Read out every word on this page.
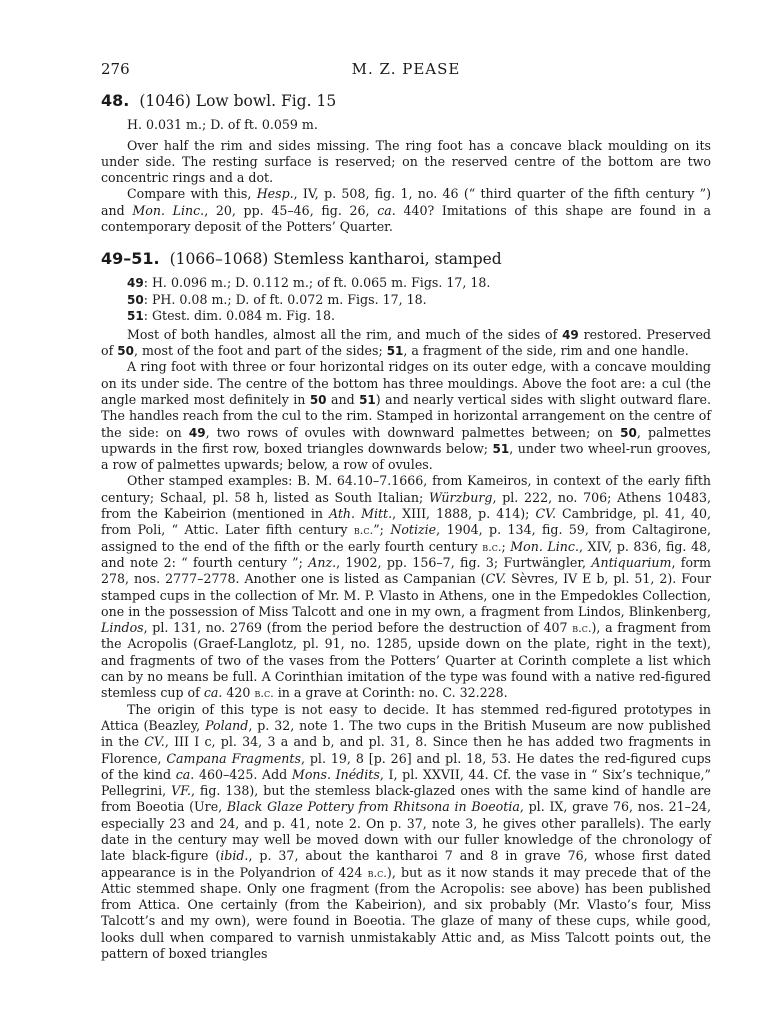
276	M. Z. PEASE
48. (1046) Low bowl. Fig. 15

H. 0.031 m.; D. of ft. 0.059 m.

Over half the rim and sides missing. The ring foot has a concave black moulding on its under side. The resting surface is reserved; on the reserved centre of the bottom are two concentric rings and a dot.

Compare with this, Hesp., IV, p. 508, fig. 1, no. 46 (“ third quarter of the fifth century ”) and Mon. Linc., 20, pp. 45–46, fig. 26, ca. 440? Imitations of this shape are found in a contemporary deposit of the Potters’ Quarter.

49–51. (1066–1068) Stemless kantharoi, stamped

49: H. 0.096 m.; D. 0.112 m.; of ft. 0.065 m. Figs. 17, 18.

50: PH. 0.08 m.; D. of ft. 0.072 m. Figs. 17, 18.

51: Gtest. dim. 0.084 m. Fig. 18.

Most of both handles, almost all the rim, and much of the sides of 49 restored. Preserved of 50, most of the foot and part of the sides; 51, a fragment of the side, rim and one handle.

A ring foot with three or four horizontal ridges on its outer edge, with a concave moulding on its under side. The centre of the bottom has three mouldings. Above the foot are: a cul (the angle marked most definitely in 50 and 51) and nearly vertical sides with slight outward flare. The handles reach from the cul to the rim. Stamped in horizontal arrangement on the centre of the side: on 49, two rows of ovules with downward palmettes between; on 50, palmettes upwards in the first row, boxed triangles downwards below; 51, under two wheel-run grooves, a row of palmettes upwards; below, a row of ovules.

Other stamped examples: B. M. 64.10–7.1666, from Kameiros, in context of the early fifth century; Schaal, pl. 58 h, listed as South Italian; Würzburg, pl. 222, no. 706; Athens 10483, from the Kabeirion (mentioned in Ath. Mitt., XIII, 1888, p. 414); CV. Cambridge, pl. 41, 40, from Poli, “ Attic. Later fifth century b.c.”; Notizie, 1904, p. 134, fig. 59, from Caltagirone, assigned to the end of the fifth or the early fourth century b.c.; Mon. Linc., XIV, p. 836, fig. 48, and note 2: “ fourth century ”; Anz., 1902, pp. 156–7, fig. 3; Furtwängler, Antiquarium, form 278, nos. 2777–2778. Another one is listed as Campanian (CV. Sèvres, IV E b, pl. 51, 2). Four stamped cups in the collection of Mr. M. P. Vlasto in Athens, one in the Empedokles Collection, one in the possession of Miss Talcott and one in my own, a fragment from Lindos, Blinkenberg, Lindos, pl. 131, no. 2769 (from the period before the destruction of 407 b.c.), a fragment from the Acropolis (Graef-Langlotz, pl. 91, no. 1285, upside down on the plate, right in the text), and fragments of two of the vases from the Potters’ Quarter at Corinth complete a list which can by no means be full. A Corinthian imitation of the type was found with a native red-figured stemless cup of ca. 420 b.c. in a grave at Corinth: no. C. 32.228.

The origin of this type is not easy to decide. It has stemmed red-figured prototypes in Attica (Beazley, Poland, p. 32, note 1. The two cups in the British Museum are now published in the CV., III I c, pl. 34, 3 a and b, and pl. 31, 8. Since then he has added two fragments in Florence, Campana Fragments, pl. 19, 8 [p. 26] and pl. 18, 53. He dates the red-figured cups of the kind ca. 460–425. Add Mons. Inédits, I, pl. XXVII, 44. Cf. the vase in “ Six’s technique,” Pellegrini, VF., fig. 138), but the stemless black-glazed ones with the same kind of handle are from Boeotia (Ure, Black Glaze Pottery from Rhitsona in Boeotia, pl. IX, grave 76, nos. 21–24, especially 23 and 24, and p. 41, note 2. On p. 37, note 3, he gives other parallels). The early date in the century may well be moved down with our fuller knowledge of the chronology of late black-figure (ibid., p. 37, about the kantharoi 7 and 8 in grave 76, whose first dated appearance is in the Polyandrion of 424 b.c.), but as it now stands it may precede that of the Attic stemmed shape. Only one fragment (from the Acropolis: see above) has been published from Attica. One certainly (from the Kabeirion), and six probably (Mr. Vlasto’s four, Miss Talcott’s and my own), were found in Boeotia. The glaze of many of these cups, while good, looks dull when compared to varnish unmistakably Attic and, as Miss Talcott points out, the pattern of boxed triangles
